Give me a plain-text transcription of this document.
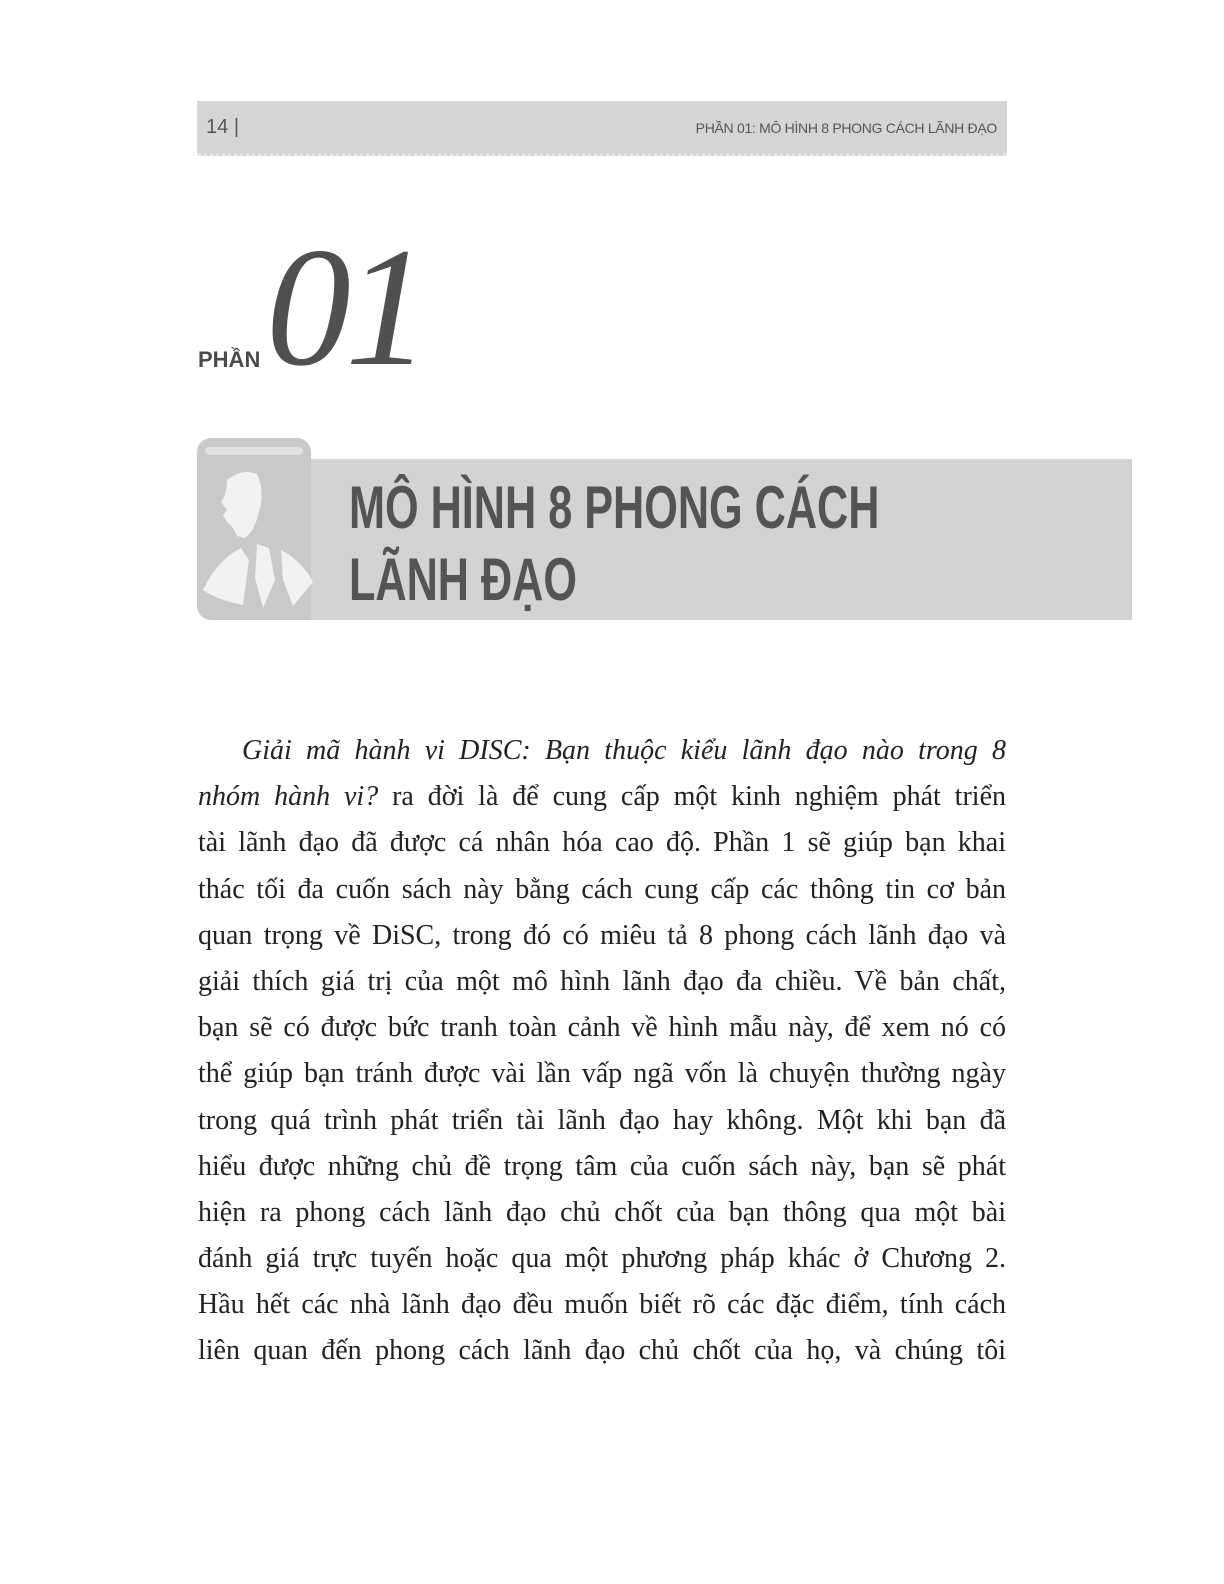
14 |	PHẦN 01: MÔ HÌNH 8 PHONG CÁCH LÃNH ĐẠO
PHẦN 01
MÔ HÌNH 8 PHONG CÁCH
LÃNH ĐẠO
Giải mã hành vi DISC: Bạn thuộc kiểu lãnh đạo nào trong 8
nhóm hành vi? ra đời là để cung cấp một kinh nghiệm phát triển
tài lãnh đạo đã được cá nhân hóa cao độ. Phần 1 sẽ giúp bạn khai
thác tối đa cuốn sách này bằng cách cung cấp các thông tin cơ bản
quan trọng về DiSC, trong đó có miêu tả 8 phong cách lãnh đạo và
giải thích giá trị của một mô hình lãnh đạo đa chiều. Về bản chất,
bạn sẽ có được bức tranh toàn cảnh về hình mẫu này, để xem nó có
thể giúp bạn tránh được vài lần vấp ngã vốn là chuyện thường ngày
trong quá trình phát triển tài lãnh đạo hay không. Một khi bạn đã
hiểu được những chủ đề trọng tâm của cuốn sách này, bạn sẽ phát
hiện ra phong cách lãnh đạo chủ chốt của bạn thông qua một bài
đánh giá trực tuyến hoặc qua một phương pháp khác ở Chương 2.
Hầu hết các nhà lãnh đạo đều muốn biết rõ các đặc điểm, tính cách
liên quan đến phong cách lãnh đạo chủ chốt của họ, và chúng tôi
